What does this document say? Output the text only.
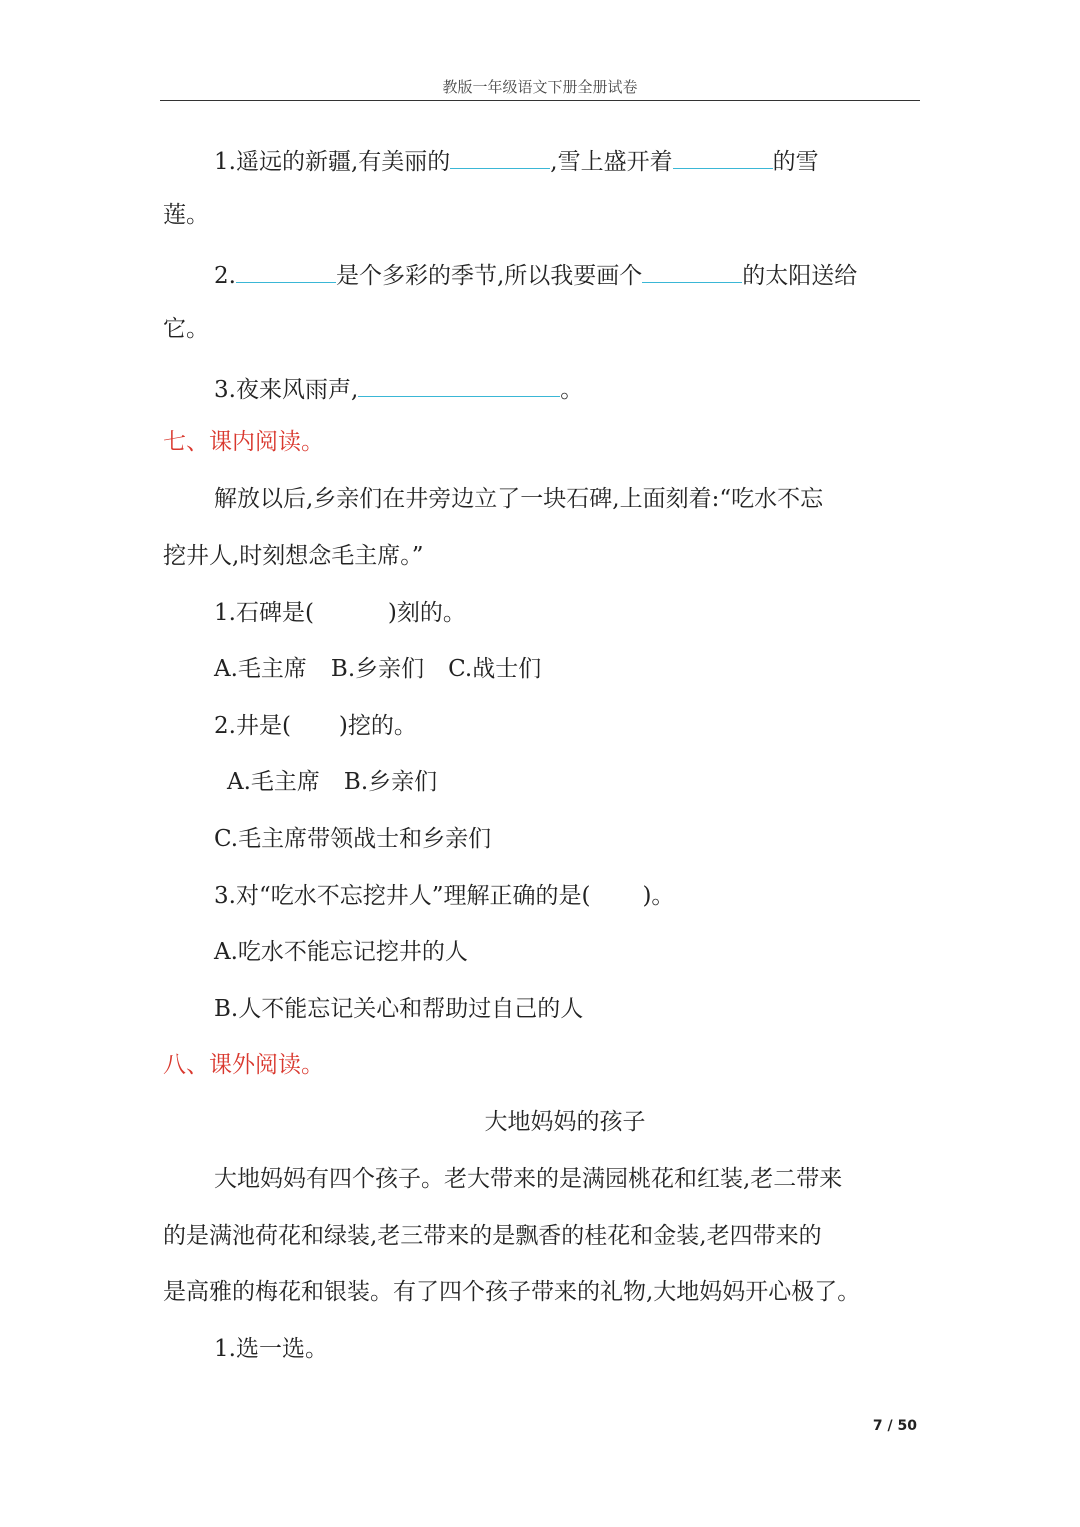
教版一年级语文下册全册试卷
1.遥远的新疆,有美丽的	,雪上盛开着	的雪
莲。
2.	是个多彩的季节,所以我要画个	的太阳送给
它。
3.夜来风雨声,	。
七、课内阅读。
解放以后,乡亲们在井旁边立了一块石碑,上面刻着:“吃水不忘
挖井人,时刻想念毛主席。”
1.石碑是(	)刻的。
A.毛主席 B.乡亲们 C.战士们
2.井是( )挖的。
A.毛主席 B.乡亲们
C.毛主席带领战士和乡亲们
3.对“吃水不忘挖井人”理解正确的是( )。
A.吃水不能忘记挖井的人
B.人不能忘记关心和帮助过自己的人
八、课外阅读。
大地妈妈的孩子
大地妈妈有四个孩子。老大带来的是满园桃花和红装,老二带来
的是满池荷花和绿装,老三带来的是飘香的桂花和金装,老四带来的
是高雅的梅花和银装。有了四个孩子带来的礼物,大地妈妈开心极了。
1.选一选。
7 / 50
